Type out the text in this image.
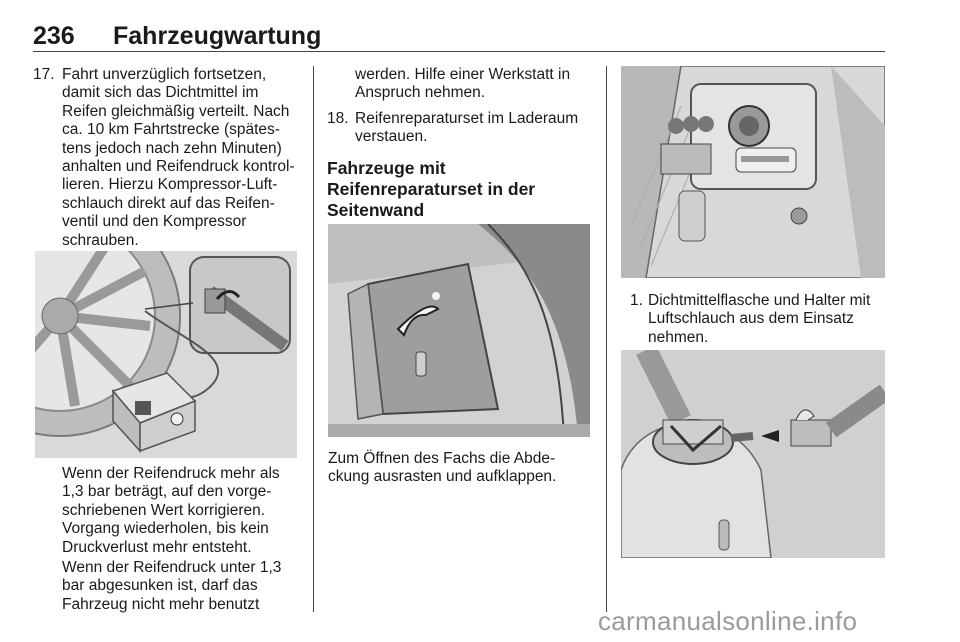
236 Fahrzeugwartung
17. Fahrt unverzüglich fortsetzen, damit sich das Dichtmittel im Reifen gleichmäßig verteilt. Nach ca. 10 km Fahrtstrecke (spätes-tens jedoch nach zehn Minuten) anhalten und Reifendruck kontrol-lieren. Hierzu Kompressor-Luft-schlauch direkt auf das Reifen-ventil und den Kompressor schrauben.
Wenn der Reifendruck mehr als 1,3 bar beträgt, auf den vorge-schriebenen Wert korrigieren. Vorgang wiederholen, bis kein Druckverlust mehr entsteht.
Wenn der Reifendruck unter 1,3 bar abgesunken ist, darf das Fahrzeug nicht mehr benutzt
werden. Hilfe einer Werkstatt in Anspruch nehmen.
18. Reifenreparaturset im Laderaum verstauen.
Fahrzeuge mit Reifenreparaturset in der Seitenwand
Zum Öffnen des Fachs die Abde-ckung ausrasten und aufklappen.
1. Dichtmittelflasche und Halter mit Luftschlauch aus dem Einsatz nehmen.
carmanualsonline.info
